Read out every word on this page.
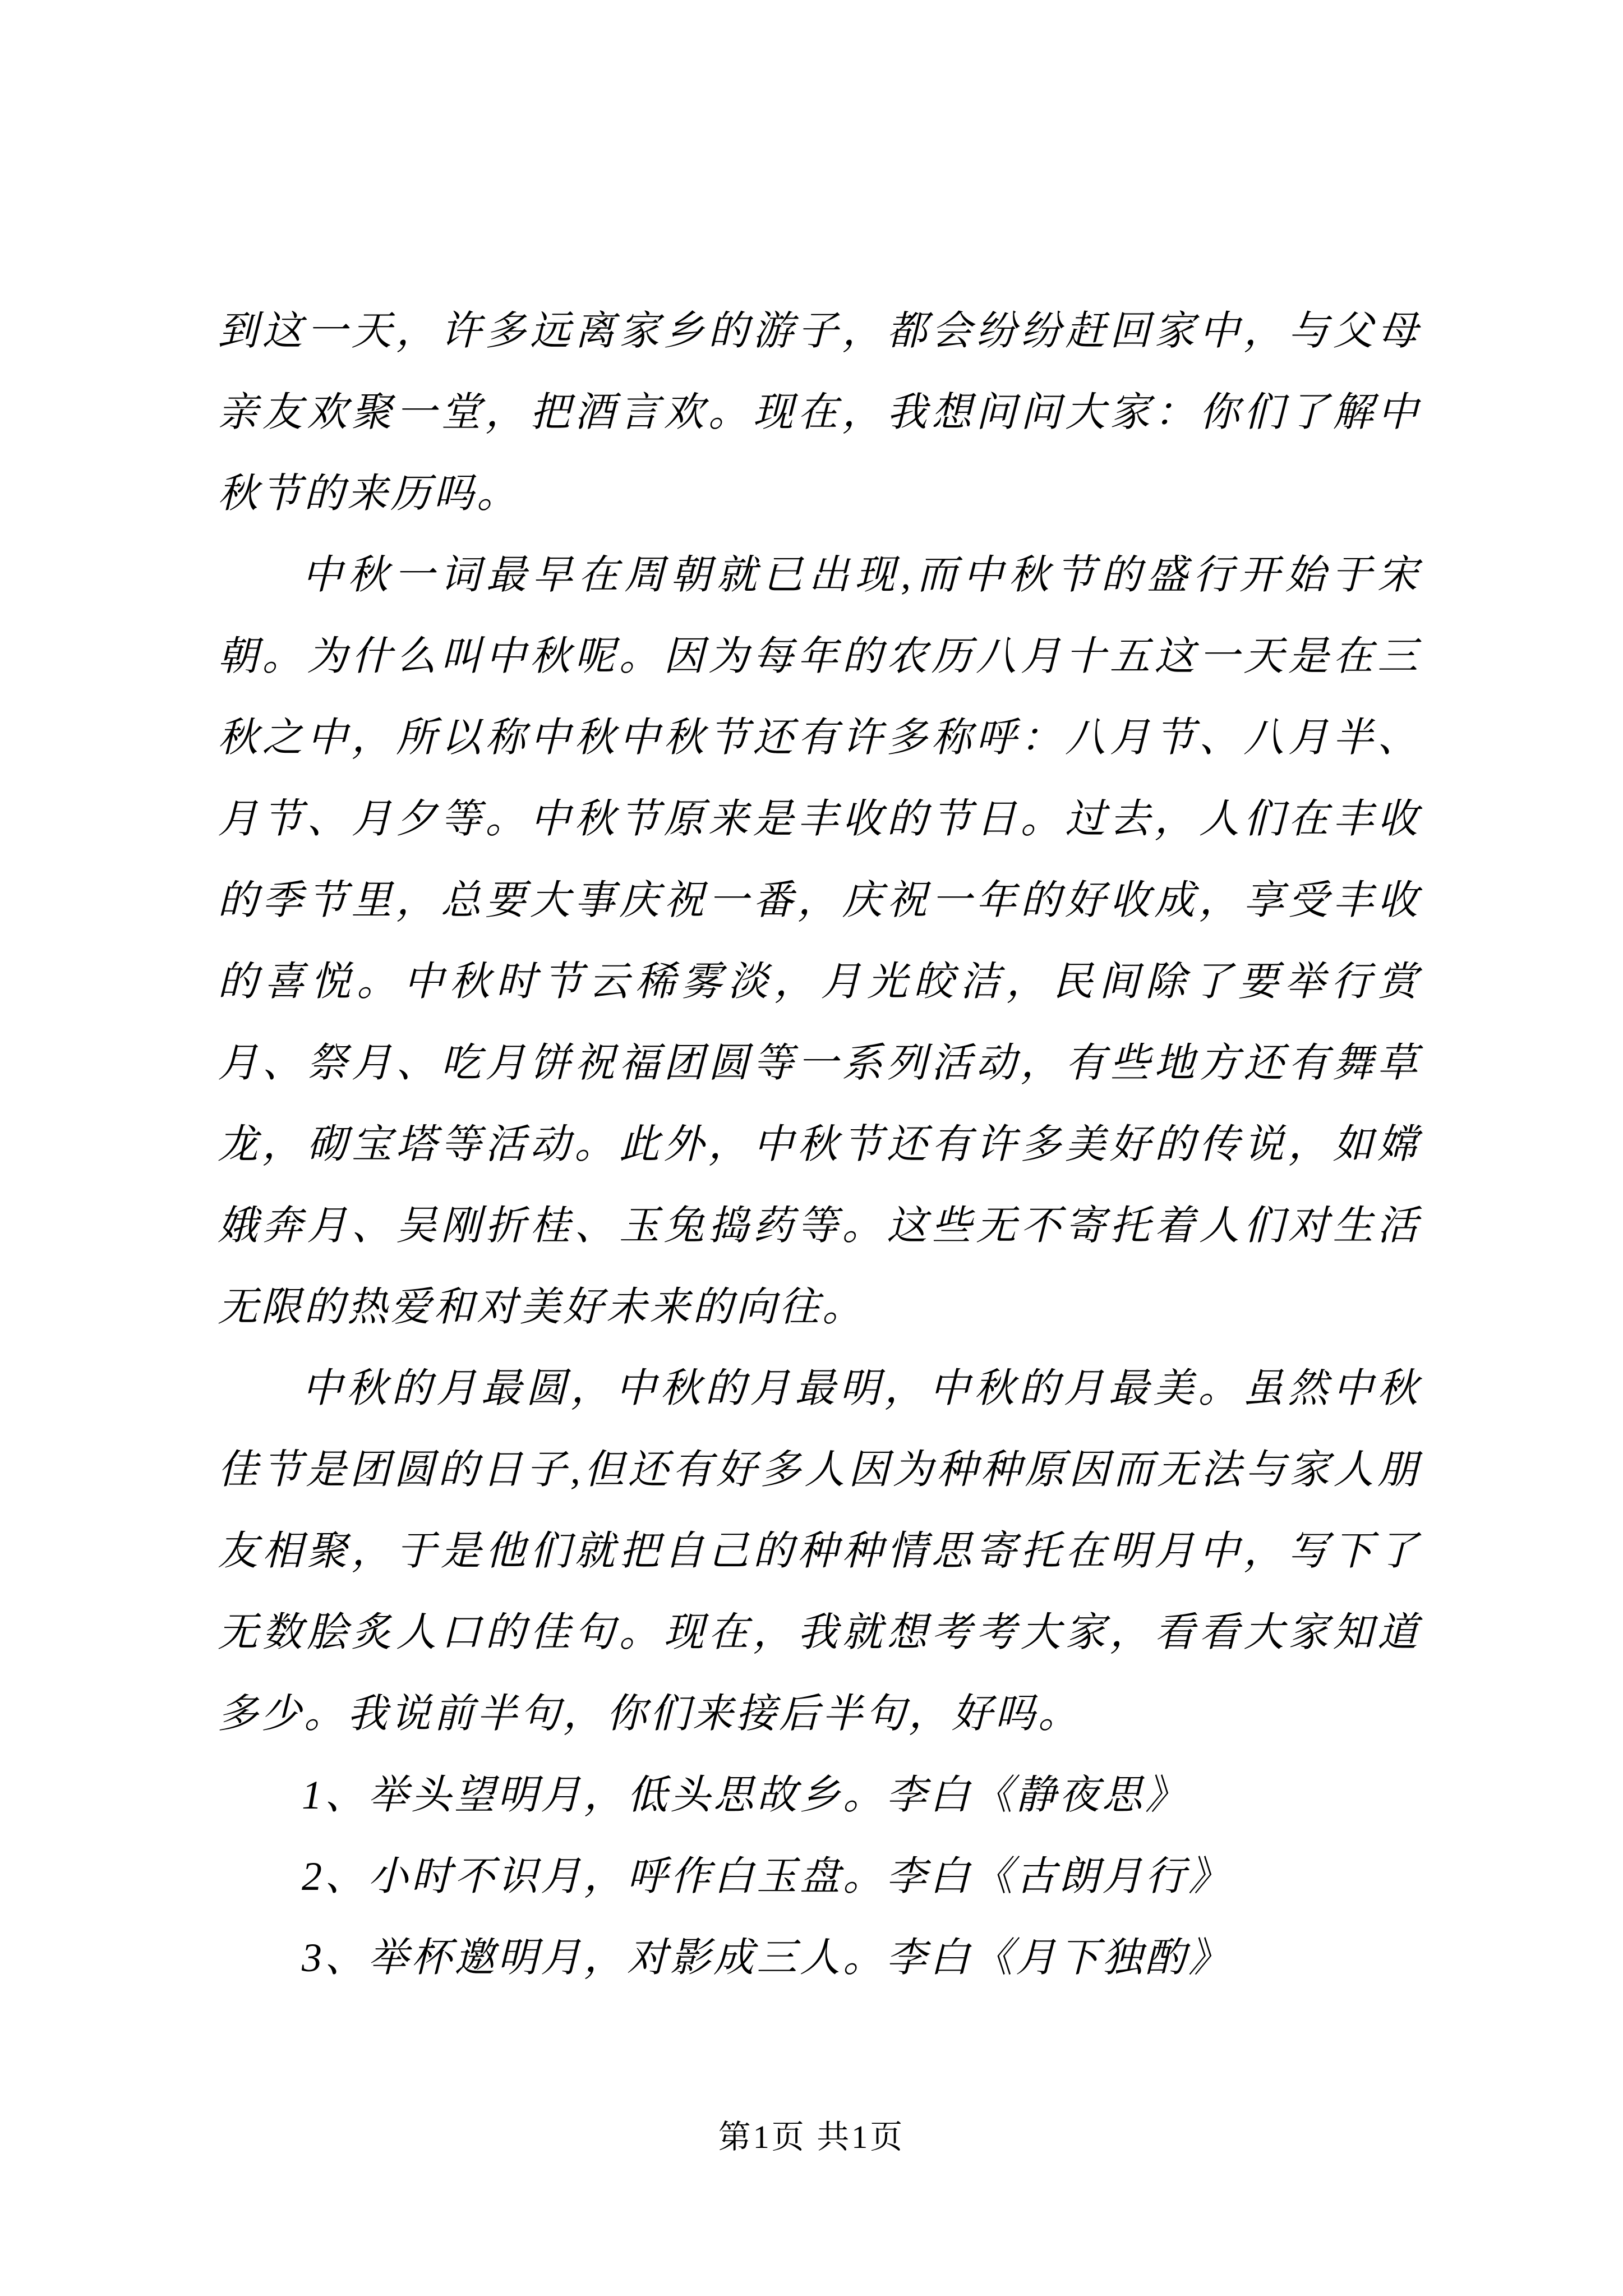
到这一天，许多远离家乡的游子，都会纷纷赶回家中，与父母亲友欢聚一堂，把酒言欢。现在，我想问问大家：你们了解中秋节的来历吗。

中秋一词最早在周朝就已出现,而中秋节的盛行开始于宋朝。为什么叫中秋呢。因为每年的农历八月十五这一天是在三秋之中，所以称中秋中秋节还有许多称呼：八月节、八月半、月节、月夕等。中秋节原来是丰收的节日。过去，人们在丰收的季节里，总要大事庆祝一番，庆祝一年的好收成，享受丰收的喜悦。中秋时节云稀雾淡，月光皎洁，民间除了要举行赏月、祭月、吃月饼祝福团圆等一系列活动，有些地方还有舞草龙，砌宝塔等活动。此外，中秋节还有许多美好的传说，如嫦娥奔月、吴刚折桂、玉兔捣药等。这些无不寄托着人们对生活无限的热爱和对美好未来的向往。

中秋的月最圆，中秋的月最明，中秋的月最美。虽然中秋佳节是团圆的日子,但还有好多人因为种种原因而无法与家人朋友相聚，于是他们就把自己的种种情思寄托在明月中，写下了无数脍炙人口的佳句。现在，我就想考考大家，看看大家知道多少。我说前半句，你们来接后半句，好吗。

1、举头望明月，低头思故乡。李白《静夜思》

2、小时不识月，呼作白玉盘。李白《古朗月行》

3、举杯邀明月，对影成三人。李白《月下独酌》

第1页 共1页
